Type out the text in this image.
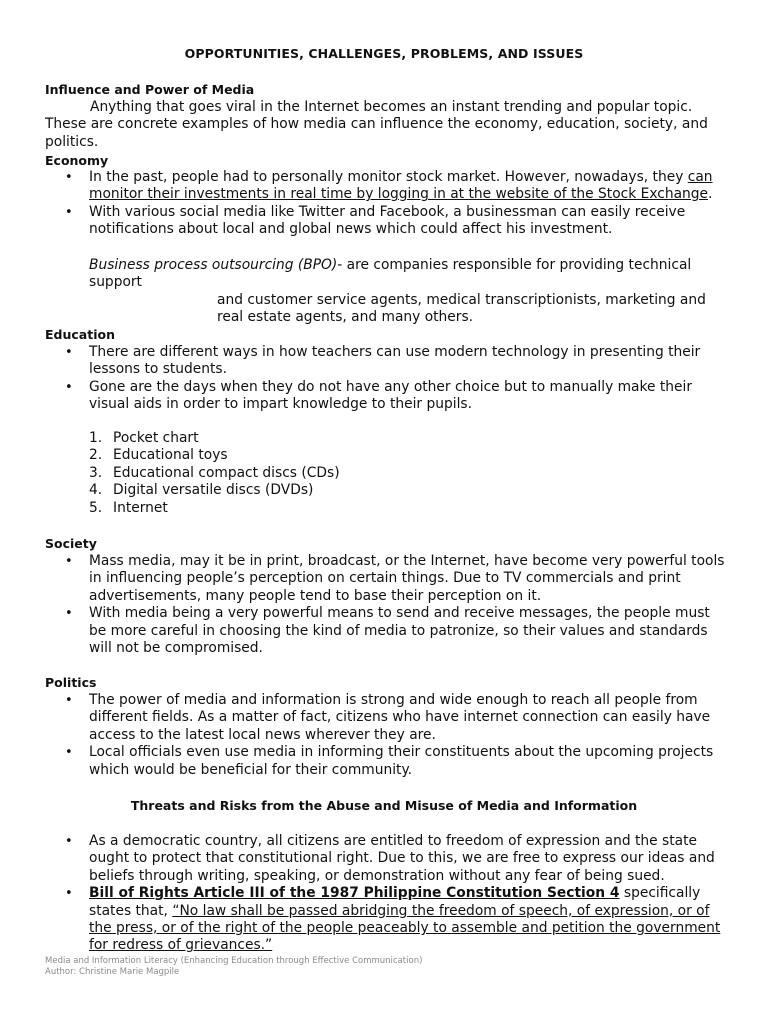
OPPORTUNITIES, CHALLENGES, PROBLEMS, AND ISSUES
Influence and Power of Media
Anything that goes viral in the Internet becomes an instant trending and popular topic. These are concrete examples of how media can influence the economy, education, society, and politics.
Economy
• In the past, people had to personally monitor stock market. However, nowadays, they can monitor their investments in real time by logging in at the website of the Stock Exchange.
• With various social media like Twitter and Facebook, a businessman can easily receive notifications about local and global news which could affect his investment.
Business process outsourcing (BPO)- are companies responsible for providing technical support
and customer service agents, medical transcriptionists, marketing and real estate agents, and many others.
Education
• There are different ways in how teachers can use modern technology in presenting their lessons to students.
• Gone are the days when they do not have any other choice but to manually make their visual aids in order to impart knowledge to their pupils.
1. Pocket chart
2. Educational toys
3. Educational compact discs (CDs)
4. Digital versatile discs (DVDs)
5. Internet
Society
• Mass media, may it be in print, broadcast, or the Internet, have become very powerful tools in influencing people’s perception on certain things. Due to TV commercials and print advertisements, many people tend to base their perception on it.
• With media being a very powerful means to send and receive messages, the people must be more careful in choosing the kind of media to patronize, so their values and standards will not be compromised.
Politics
• The power of media and information is strong and wide enough to reach all people from different fields. As a matter of fact, citizens who have internet connection can easily have access to the latest local news wherever they are.
• Local officials even use media in informing their constituents about the upcoming projects which would be beneficial for their community.
Threats and Risks from the Abuse and Misuse of Media and Information
• As a democratic country, all citizens are entitled to freedom of expression and the state ought to protect that constitutional right. Due to this, we are free to express our ideas and beliefs through writing, speaking, or demonstration without any fear of being sued.
• Bill of Rights Article III of the 1987 Philippine Constitution Section 4 specifically states that, “No law shall be passed abridging the freedom of speech, of expression, or of the press, or of the right of the people peaceably to assemble and petition the government for redress of grievances.”
Media and Information Literacy (Enhancing Education through Effective Communication)
Author: Christine Marie Magpile
